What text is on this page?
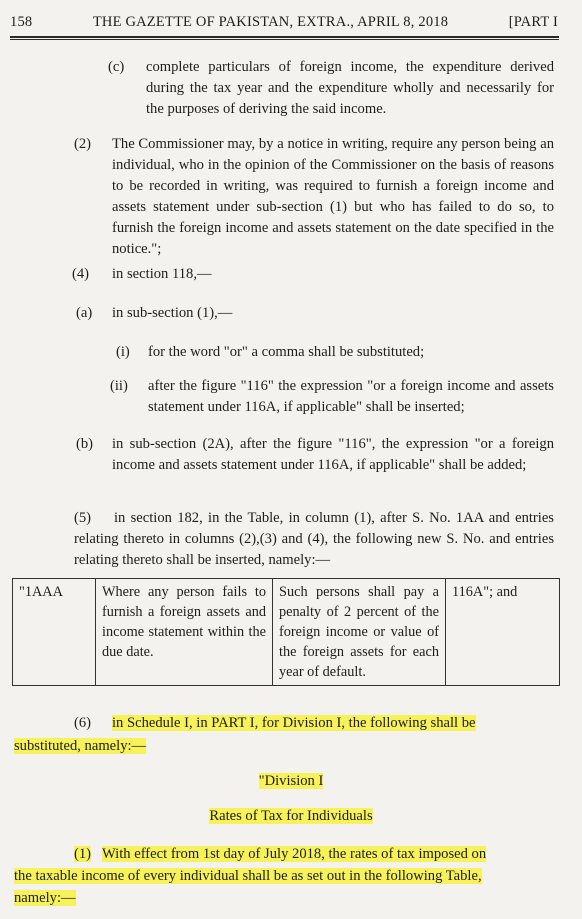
158	THE GAZETTE OF PAKISTAN, EXTRA., APRIL 8, 2018	[PART I
(c) complete particulars of foreign income, the expenditure derived during the tax year and the expenditure wholly and necessarily for the purposes of deriving the said income.
(2) The Commissioner may, by a notice in writing, require any person being an individual, who in the opinion of the Commissioner on the basis of reasons to be recorded in writing, was required to furnish a foreign income and assets statement under sub-section (1) but who has failed to do so, to furnish the foreign income and assets statement on the date specified in the notice.";
(4) in section 118,—
(a) in sub-section (1),—
(i) for the word "or" a comma shall be substituted;
(ii) after the figure "116" the expression "or a foreign income and assets statement under 116A, if applicable" shall be inserted;
(b) in sub-section (2A), after the figure "116", the expression "or a foreign income and assets statement under 116A, if applicable" shall be added;
(5)	in section 182, in the Table, in column (1), after S. No. 1AA and entries relating thereto in columns (2),(3) and (4), the following new S. No. and entries relating thereto shall be inserted, namely:—
"1AAA	Where any person fails to furnish a foreign assets and income statement within the due date.	Such persons shall pay a penalty of 2 percent of the foreign income or value of the foreign assets for each year of default.	116A"; and
(6) in Schedule I, in PART I, for Division I, the following shall be
substituted, namely:—
"Division I
Rates of Tax for Individuals
(1) With effect from 1st day of July 2018, the rates of tax imposed on
the taxable income of every individual shall be as set out in the following Table,
namely:—
